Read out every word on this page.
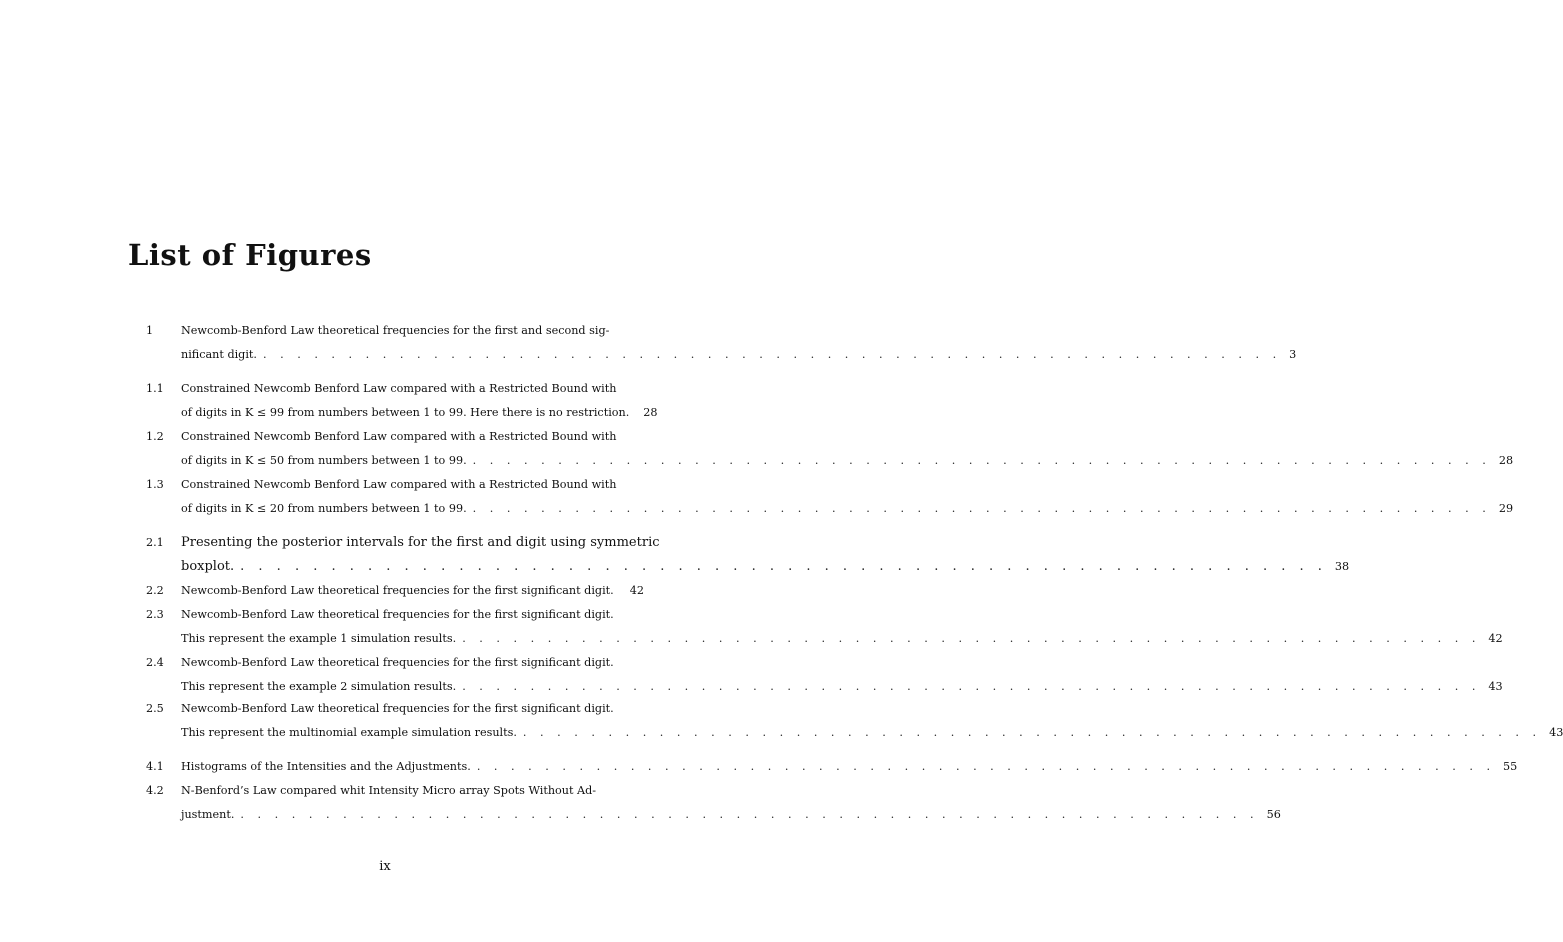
List of Figures
1 Newcomb-Benford Law theoretical frequencies for the first and second sig-
nificant digit. . . . . . . . . . . . . . . . . . . . . . . . . . . . . . . . . . . . . . . . . . . . . . . . . . . . . . . . . . . . . 3
1.1 Constrained Newcomb Benford Law compared with a Restricted Bound with
of digits in K ≤ 99 from numbers between 1 to 99. Here there is no restriction.	28
1.2 Constrained Newcomb Benford Law compared with a Restricted Bound with
of digits in K ≤ 50 from numbers between 1 to 99. . . . . . . . . . . . . . . . . . . . . . . . . . . . . . . . . . . . . . . . . . . . . . . . . . . . . . . . . . . . . 28
1.3 Constrained Newcomb Benford Law compared with a Restricted Bound with
of digits in K ≤ 20 from numbers between 1 to 99. . . . . . . . . . . . . . . . . . . . . . . . . . . . . . . . . . . . . . . . . . . . . . . . . . . . . . . . . . . . . 29
2.1 Presenting the posterior intervals for the first and digit using symmetric
boxplot. . . . . . . . . . . . . . . . . . . . . . . . . . . . . . . . . . . . . . . . . . . . . . . . . . . . . . . . . . . . . 38
2.2 Newcomb-Benford Law theoretical frequencies for the first significant digit.	42
2.3 Newcomb-Benford Law theoretical frequencies for the first significant digit.
This represent the example 1 simulation results. . . . . . . . . . . . . . . . . . . . . . . . . . . . . . . . . . . . . . . . . . . . . . . . . . . . . . . . . . . . . 42
2.4 Newcomb-Benford Law theoretical frequencies for the first significant digit.
This represent the example 2 simulation results. . . . . . . . . . . . . . . . . . . . . . . . . . . . . . . . . . . . . . . . . . . . . . . . . . . . . . . . . . . . . 43
2.5 Newcomb-Benford Law theoretical frequencies for the first significant digit.
This represent the multinomial example simulation results. . . . . . . . . . . . . . . . . . . . . . . . . . . . . . . . . . . . . . . . . . . . . . . . . . . . . . . . . . . . . 43
4.1 Histograms of the Intensities and the Adjustments. . . . . . . . . . . . . . . . . . . . . . . . . . . . . . . . . . . . . . . . . . . . . . . . . . . . . . . . . . . . . 55
4.2 N-Benford’s Law compared whit Intensity Micro array Spots Without Ad-
justment. . . . . . . . . . . . . . . . . . . . . . . . . . . . . . . . . . . . . . . . . . . . . . . . . . . . . . . . . . . . . 56
ix
